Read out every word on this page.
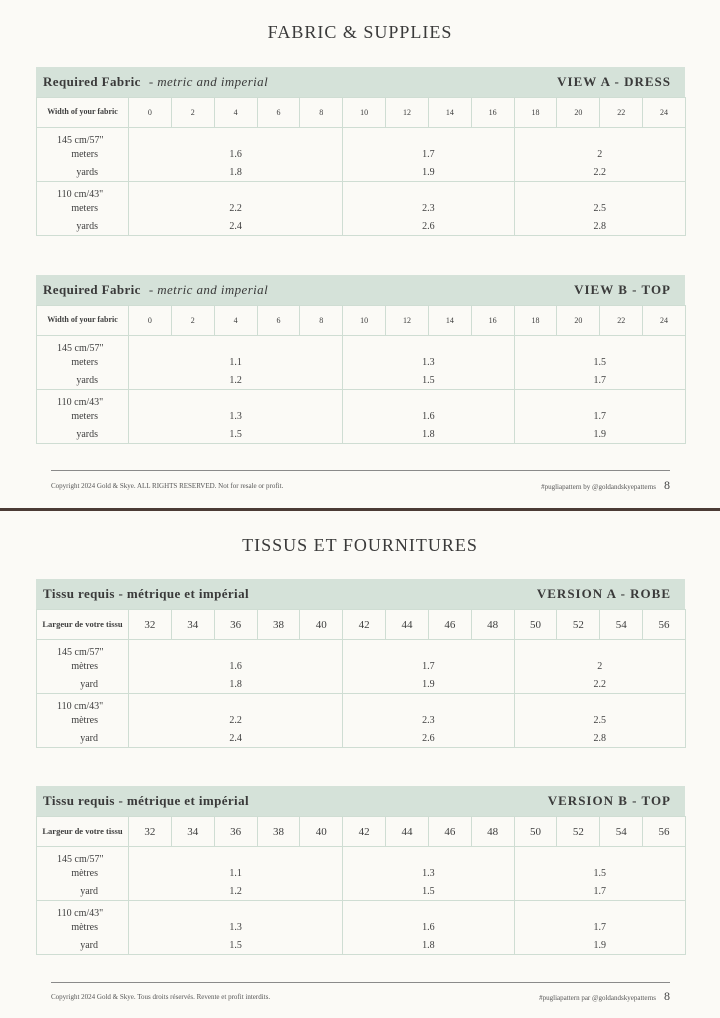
FABRIC & SUPPLIES
Required Fabric - metric and imperial	VIEW A - DRESS
Width of your fabric	0	2	4	6	8	10	12	14	16	18	20	22	24
145 cm/57"													
meters	1.6					1.7				2			
yards	1.8					1.9				2.2			
110 cm/43"													
meters	2.2					2.3				2.5			
yards	2.4					2.6				2.8			
Required Fabric - metric and imperial	VIEW B - TOP
Width of your fabric	0	2	4	6	8	10	12	14	16	18	20	22	24
145 cm/57"													
meters	1.1					1.3				1.5			
yards	1.2					1.5				1.7			
110 cm/43"													
meters	1.3					1.6				1.7			
yards	1.5					1.8				1.9			
Copyright 2024 Gold & Skye. ALL RIGHTS RESERVED. Not for resale or profit.	#pugliapattern by @goldandskyepatterns 8
TISSUS ET FOURNITURES
Tissu requis - métrique et impérial	VERSION A - ROBE
Largeur de votre tissu	32	34	36	38	40	42	44	46	48	50	52	54	56
145 cm/57"													
mètres	1.6					1.7				2			
yard	1.8					1.9				2.2			
110 cm/43"													
mètres	2.2					2.3				2.5			
yard	2.4					2.6				2.8			
Tissu requis - métrique et impérial	VERSION B - TOP
Largeur de votre tissu	32	34	36	38	40	42	44	46	48	50	52	54	56
145 cm/57"													
mètres	1.1					1.3				1.5			
yard	1.2					1.5				1.7			
110 cm/43"													
mètres	1.3					1.6				1.7			
yard	1.5					1.8				1.9			
Copyright 2024 Gold & Skye. Tous droits réservés. Revente et profit interdits.	#pugliapattern par @goldandskyepatterns 8
